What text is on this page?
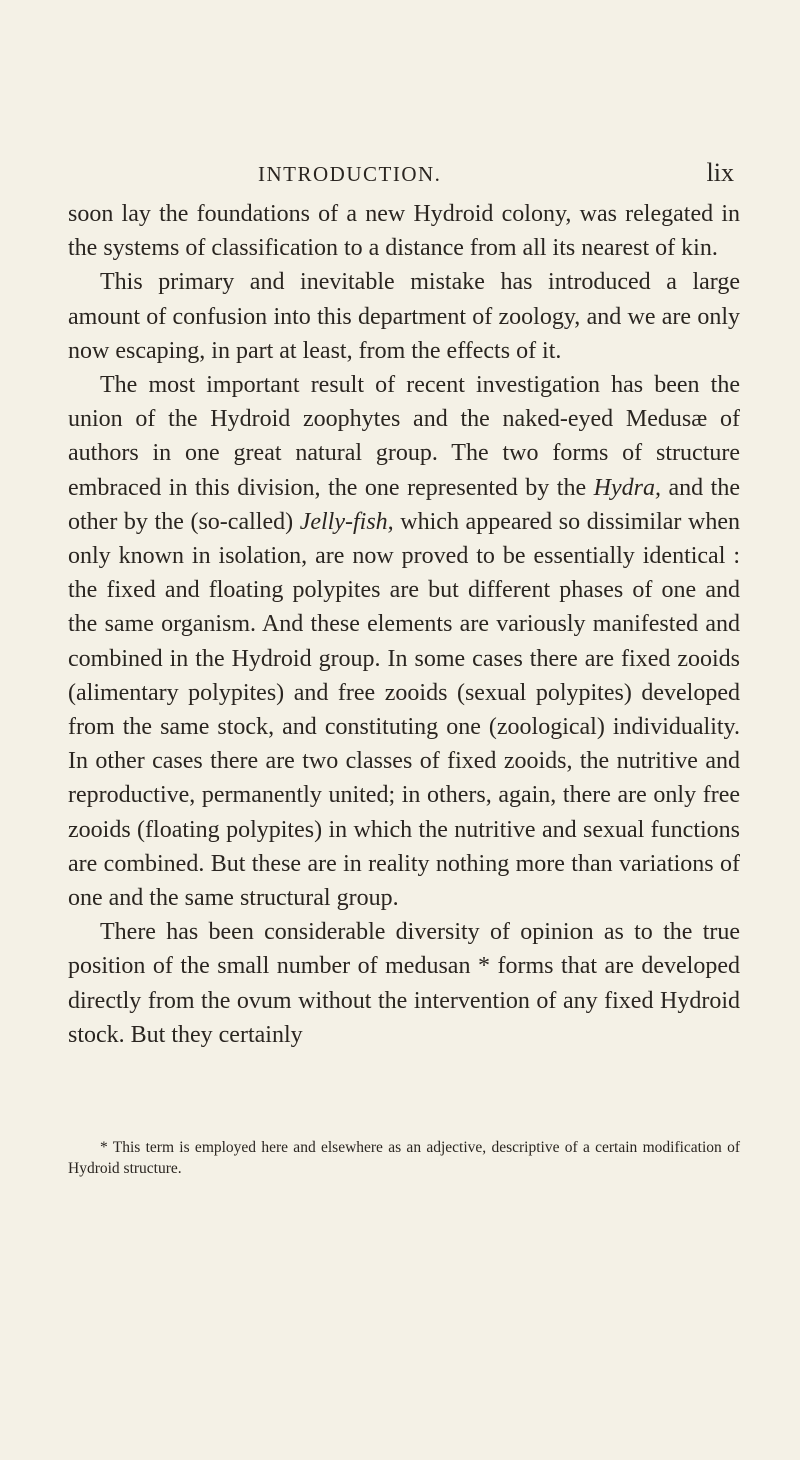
INTRODUCTION.	lix

soon lay the foundations of a new Hydroid colony, was relegated in the systems of classification to a distance from all its nearest of kin.

This primary and inevitable mistake has introduced a large amount of confusion into this department of zoology, and we are only now escaping, in part at least, from the effects of it.

The most important result of recent investigation has been the union of the Hydroid zoophytes and the naked-eyed Medusæ of authors in one great natural group. The two forms of structure embraced in this division, the one represented by the Hydra, and the other by the (so-called) Jelly-fish, which appeared so dissimilar when only known in isolation, are now proved to be essentially identical : the fixed and floating polypites are but different phases of one and the same organism. And these elements are variously manifested and combined in the Hydroid group. In some cases there are fixed zooids (alimentary polypites) and free zooids (sexual polypites) developed from the same stock, and constituting one (zoological) individuality. In other cases there are two classes of fixed zooids, the nutritive and reproductive, permanently united; in others, again, there are only free zooids (floating polypites) in which the nutritive and sexual functions are combined. But these are in reality nothing more than variations of one and the same structural group.

There has been considerable diversity of opinion as to the true position of the small number of medusan * forms that are developed directly from the ovum without the intervention of any fixed Hydroid stock. But they certainly

* This term is employed here and elsewhere as an adjective, descriptive of a certain modification of Hydroid structure.
